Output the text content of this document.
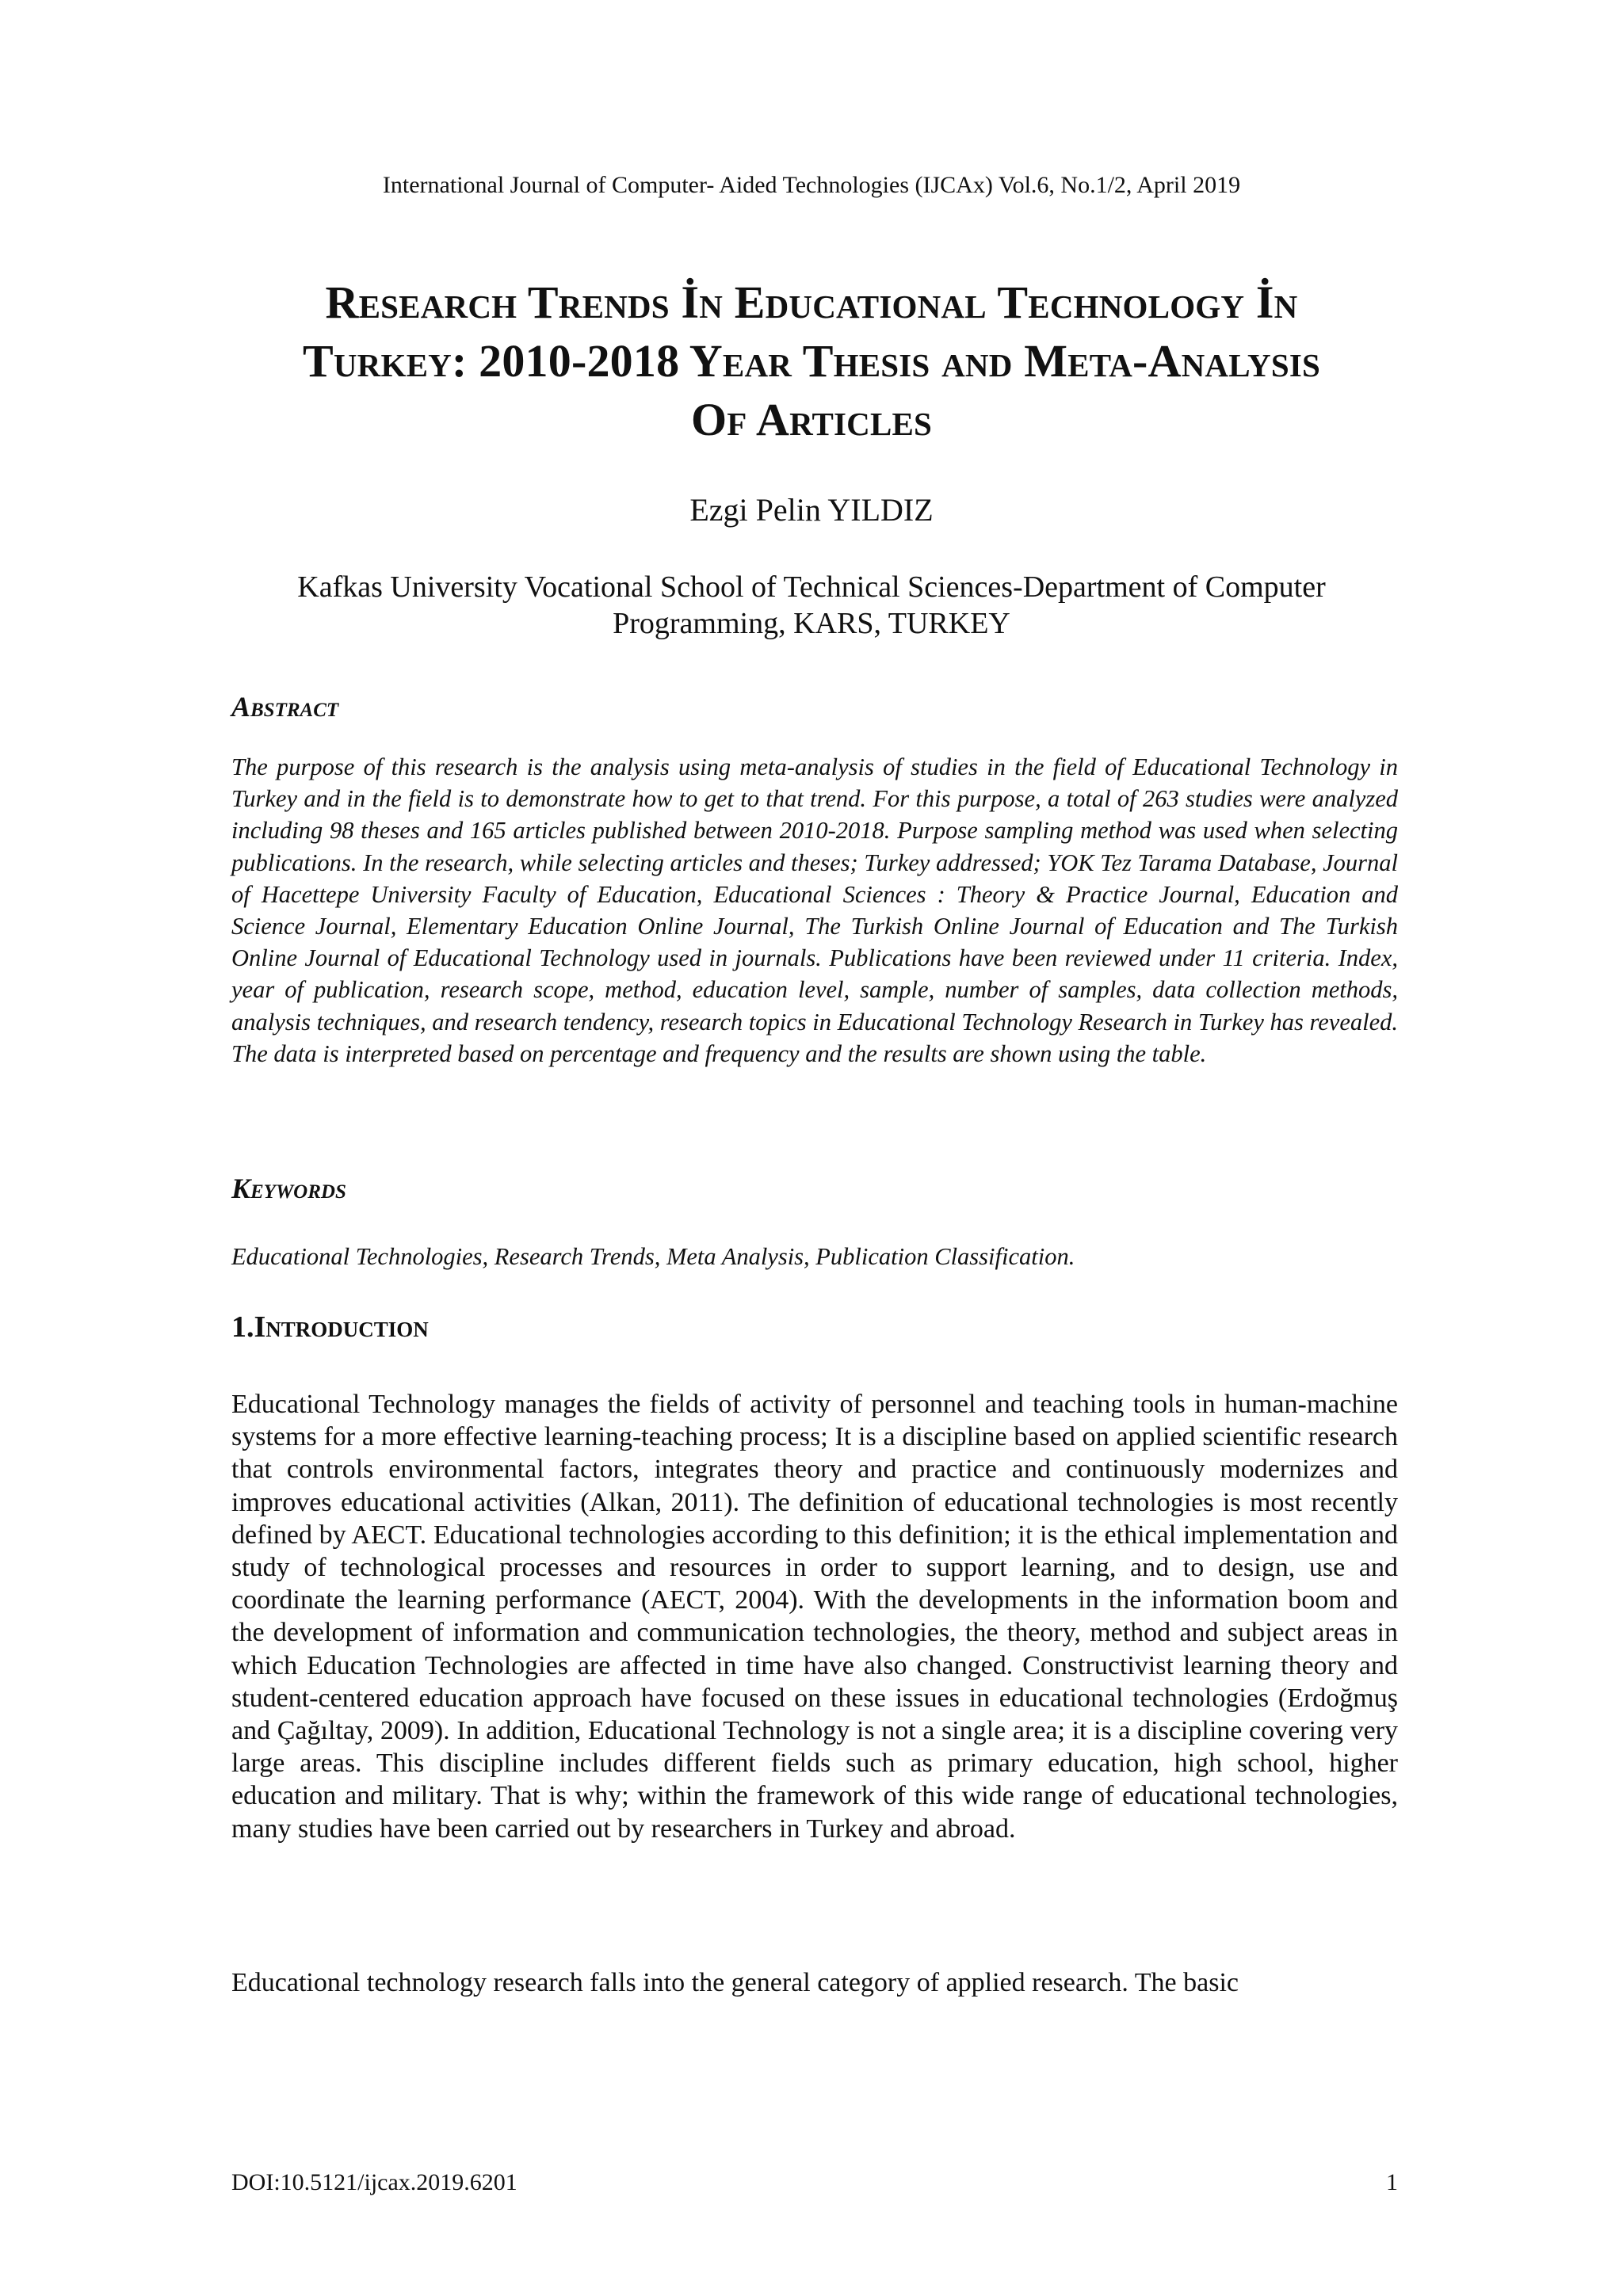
International Journal of Computer- Aided Technologies (IJCAx) Vol.6, No.1/2, April 2019
Research Trends İn Educational Technology İn
Turkey: 2010-2018 Year Thesis and Meta-Analysis
Of Articles
Ezgi Pelin YILDIZ
Kafkas University Vocational School of Technical Sciences-Department of Computer
Programming, KARS, TURKEY
Abstract
The purpose of this research is the analysis using meta-analysis of studies in the field of Educational Technology in Turkey and in the field is to demonstrate how to get to that trend. For this purpose, a total of 263 studies were analyzed including 98 theses and 165 articles published between 2010-2018. Purpose sampling method was used when selecting publications. In the research, while selecting articles and theses; Turkey addressed; YOK Tez Tarama Database, Journal of Hacettepe University Faculty of Education, Educational Sciences : Theory & Practice Journal, Education and Science Journal, Elementary Education Online Journal, The Turkish Online Journal of Education and The Turkish Online Journal of Educational Technology used in journals. Publications have been reviewed under 11 criteria. Index, year of publication, research scope, method, education level, sample, number of samples, data collection methods, analysis techniques, and research tendency, research topics in Educational Technology Research in Turkey has revealed. The data is interpreted based on percentage and frequency and the results are shown using the table.
Keywords
Educational Technologies, Research Trends, Meta Analysis, Publication Classification.
1.Introduction
Educational Technology manages the fields of activity of personnel and teaching tools in human-machine systems for a more effective learning-teaching process; It is a discipline based on applied scientific research that controls environmental factors, integrates theory and practice and continuously modernizes and improves educational activities (Alkan, 2011). The definition of educational technologies is most recently defined by AECT. Educational technologies according to this definition; it is the ethical implementation and study of technological processes and resources in order to support learning, and to design, use and coordinate the learning performance (AECT, 2004). With the developments in the information boom and the development of information and communication technologies, the theory, method and subject areas in which Education Technologies are affected in time have also changed. Constructivist learning theory and student-centered education approach have focused on these issues in educational technologies (Erdoğmuş and Çağıltay, 2009). In addition, Educational Technology is not a single area; it is a discipline covering very large areas. This discipline includes different fields such as primary education, high school, higher education and military. That is why; within the framework of this wide range of educational technologies, many studies have been carried out by researchers in Turkey and abroad.
Educational technology research falls into the general category of applied research. The basic
DOI:10.5121/ijcax.2019.6201	1
